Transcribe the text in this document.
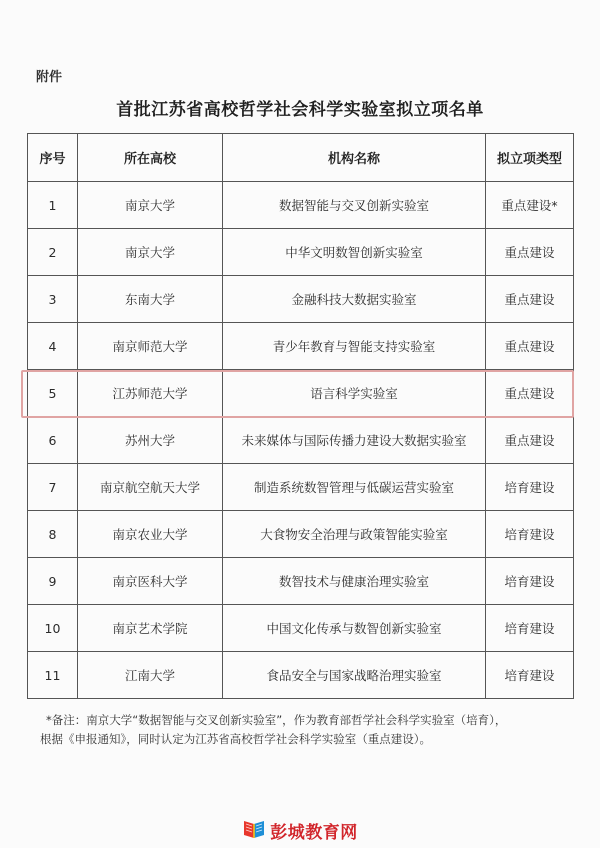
附件
首批江苏省高校哲学社会科学实验室拟立项名单
序号	所在高校	机构名称	拟立项类型
1	南京大学	数据智能与交叉创新实验室	重点建设*
2	南京大学	中华文明数智创新实验室	重点建设
3	东南大学	金融科技大数据实验室	重点建设
4	南京师范大学	青少年教育与智能支持实验室	重点建设
5	江苏师范大学	语言科学实验室	重点建设
6	苏州大学	未来媒体与国际传播力建设大数据实验室	重点建设
7	南京航空航天大学	制造系统数智管理与低碳运营实验室	培育建设
8	南京农业大学	大食物安全治理与政策智能实验室	培育建设
9	南京医科大学	数智技术与健康治理实验室	培育建设
10	南京艺术学院	中国文化传承与数智创新实验室	培育建设
11	江南大学	食品安全与国家战略治理实验室	培育建设

*备注：南京大学“数据智能与交叉创新实验室”，作为教育部哲学社会科学实验室（培育），

根据《申报通知》，同时认定为江苏省高校哲学社会科学实验室（重点建设）。

彭城教育网
